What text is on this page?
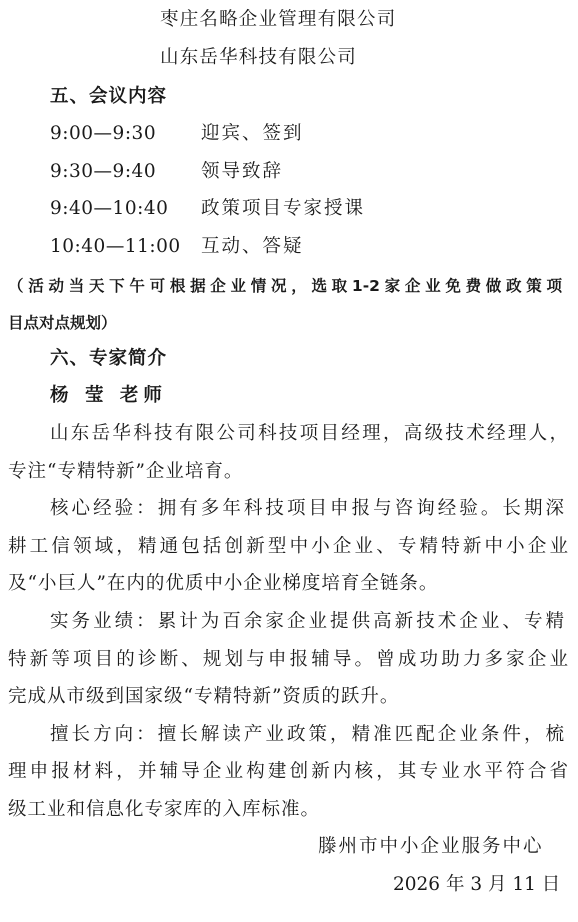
枣庄名略企业管理有限公司
山东岳华科技有限公司
五、会议内容
9:00—9:30 迎宾、签到
9:30—9:40 领导致辞
9:40—10:40 政策项目专家授课
10:40—11:00 互动、答疑
（活动当天下午可根据企业情况，选取1-2家企业免费做政策项
目点对点规划）
六、专家简介
杨 莹 老师
山东岳华科技有限公司科技项目经理，高级技术经理人，
专注“专精特新”企业培育。
核心经验：拥有多年科技项目申报与咨询经验。长期深
耕工信领域，精通包括创新型中小企业、专精特新中小企业
及“小巨人”在内的优质中小企业梯度培育全链条。
实务业绩：累计为百余家企业提供高新技术企业、专精
特新等项目的诊断、规划与申报辅导。曾成功助力多家企业
完成从市级到国家级“专精特新”资质的跃升。
擅长方向：擅长解读产业政策，精准匹配企业条件，梳
理申报材料，并辅导企业构建创新内核，其专业水平符合省
级工业和信息化专家库的入库标准。
滕州市中小企业服务中心
2026 年 3 月 11 日
